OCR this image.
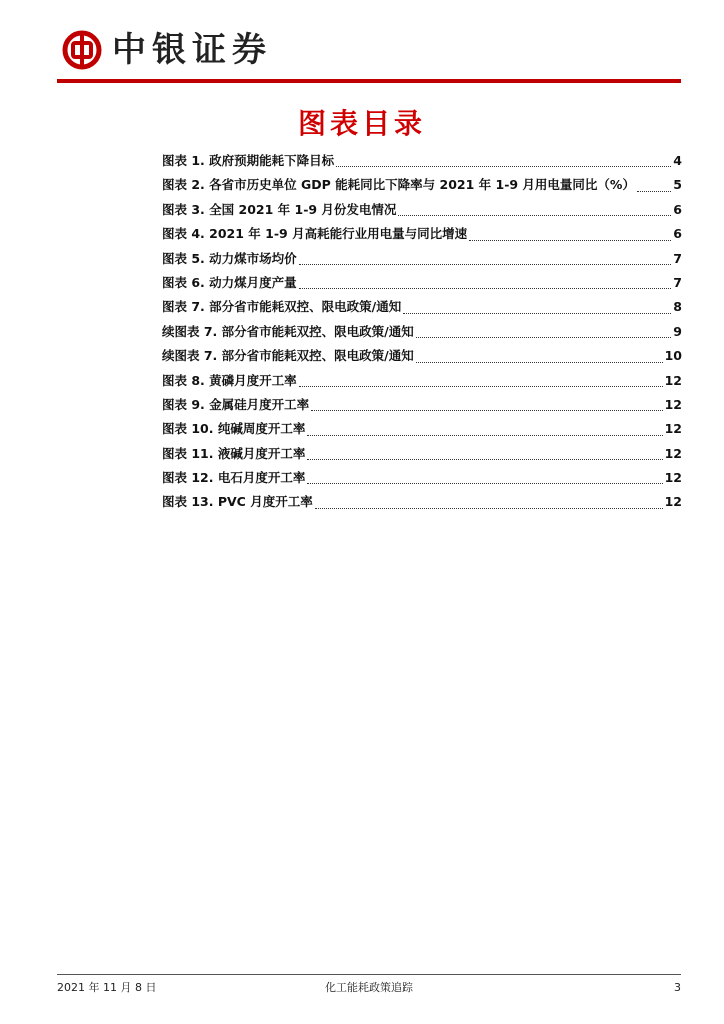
中银证券
图表目录
图表 1. 政府预期能耗下降目标	4
图表 2. 各省市历史单位 GDP 能耗同比下降率与 2021 年 1-9 月用电量同比（%）	5
图表 3. 全国 2021 年 1-9 月份发电情况	6
图表 4. 2021 年 1-9 月高耗能行业用电量与同比增速	6
图表 5. 动力煤市场均价	7
图表 6. 动力煤月度产量	7
图表 7. 部分省市能耗双控、限电政策/通知	8
续图表 7. 部分省市能耗双控、限电政策/通知	9
续图表 7. 部分省市能耗双控、限电政策/通知	10
图表 8. 黄磷月度开工率	12
图表 9. 金属硅月度开工率	12
图表 10. 纯碱周度开工率	12
图表 11. 液碱月度开工率	12
图表 12. 电石月度开工率	12
图表 13. PVC 月度开工率	12
2021 年 11 月 8 日	化工能耗政策追踪	3
